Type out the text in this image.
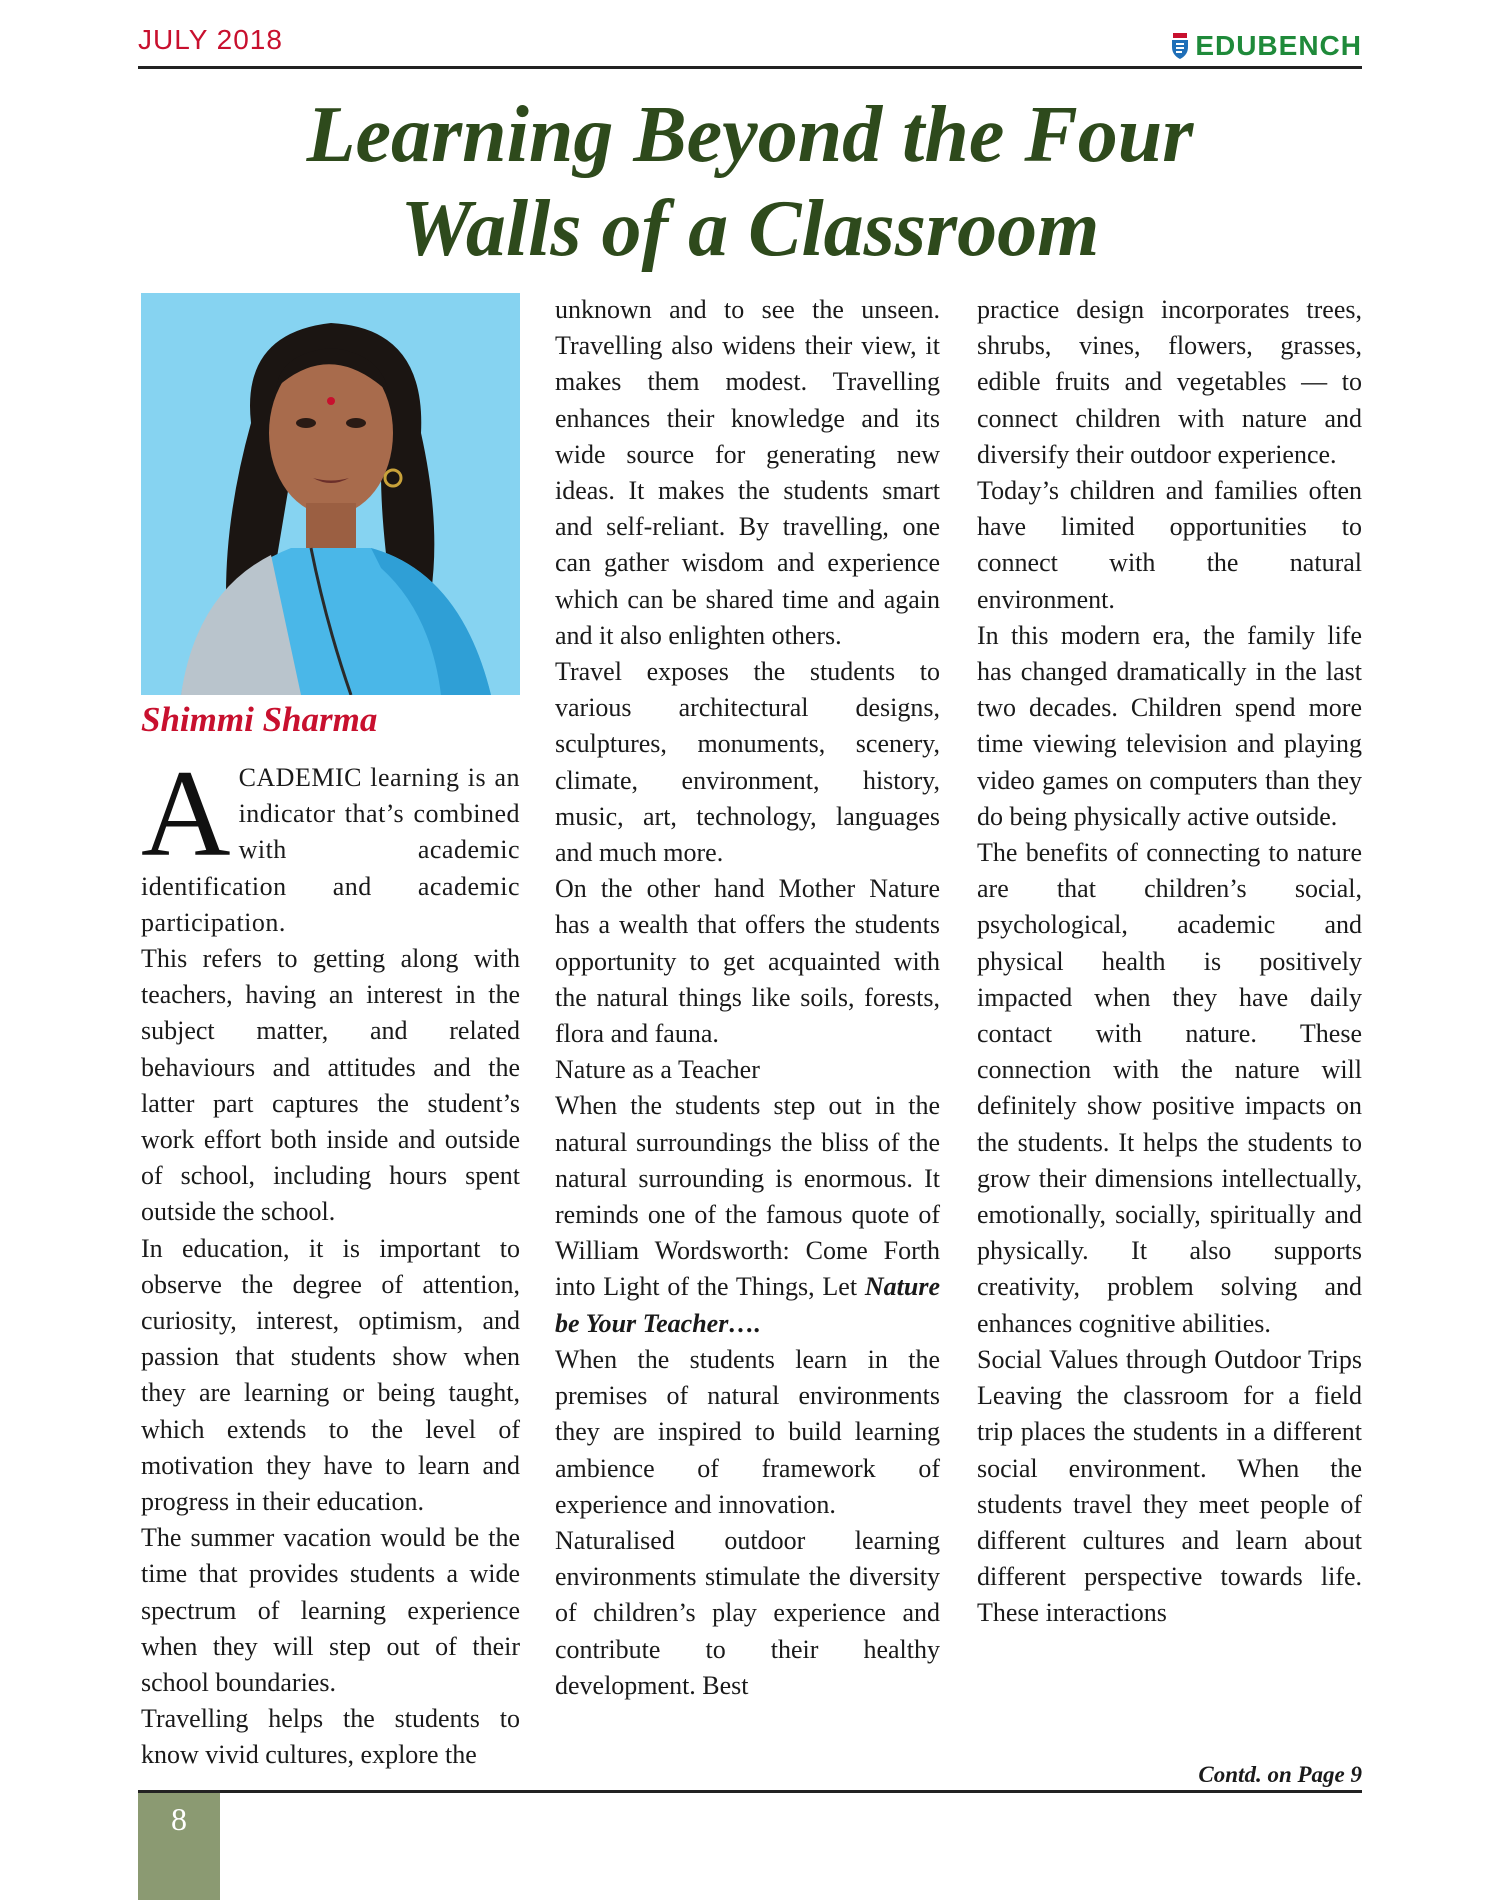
JULY 2018	EDUBENCH
Learning Beyond the Four
Walls of a Classroom
Shimmi Sharma

ACADEMIC learning is an indicator that’s combined with academic identification and academic participation.

This refers to getting along with teachers, having an interest in the subject matter, and related behaviours and attitudes and the latter part captures the student’s work effort both inside and outside of school, including hours spent outside the school.

In education, it is important to observe the degree of attention, curiosity, interest, optimism, and passion that students show when they are learning or being taught, which extends to the level of motivation they have to learn and progress in their education.

The summer vacation would be the time that provides students a wide spectrum of learning experience when they will step out of their school boundaries.

Travelling helps the students to know vivid cultures, explore the

unknown and to see the unseen. Travelling also widens their view, it makes them modest. Travelling enhances their knowledge and its wide source for generating new ideas. It makes the students smart and self-reliant. By travelling, one can gather wisdom and experience which can be shared time and again and it also enlighten others.

Travel exposes the students to various architectural designs, sculptures, monuments, scenery, climate, environment, history, music, art, technology, languages and much more.

On the other hand Mother Nature has a wealth that offers the students opportunity to get acquainted with the natural things like soils, forests, flora and fauna.

Nature as a Teacher

When the students step out in the natural surroundings the bliss of the natural surrounding is enormous. It reminds one of the famous quote of William Wordsworth: Come Forth into Light of the Things, Let Nature be Your Teacher….

When the students learn in the premises of natural environments they are inspired to build learning ambience of framework of experience and innovation.

Naturalised outdoor learning environments stimulate the diversity of children’s play experience and contribute to their healthy development. Best

practice design incorporates trees, shrubs, vines, flowers, grasses, edible fruits and vegetables — to connect children with nature and diversify their outdoor experience.

Today’s children and families often have limited opportunities to connect with the natural environment.

In this modern era, the family life has changed dramatically in the last two decades. Children spend more time viewing television and playing video games on computers than they do being physically active outside.

The benefits of connecting to nature are that children’s social, psychological, academic and physical health is positively impacted when they have daily contact with nature. These connection with the nature will definitely show positive impacts on the students. It helps the students to grow their dimensions intellectually, emotionally, socially, spiritually and physically. It also supports creativity, problem solving and enhances cognitive abilities.

Social Values through Outdoor Trips Leaving the classroom for a field trip places the students in a different social environment. When the students travel they meet people of different cultures and learn about different perspective towards life. These interactions

Contd. on Page 9
8
